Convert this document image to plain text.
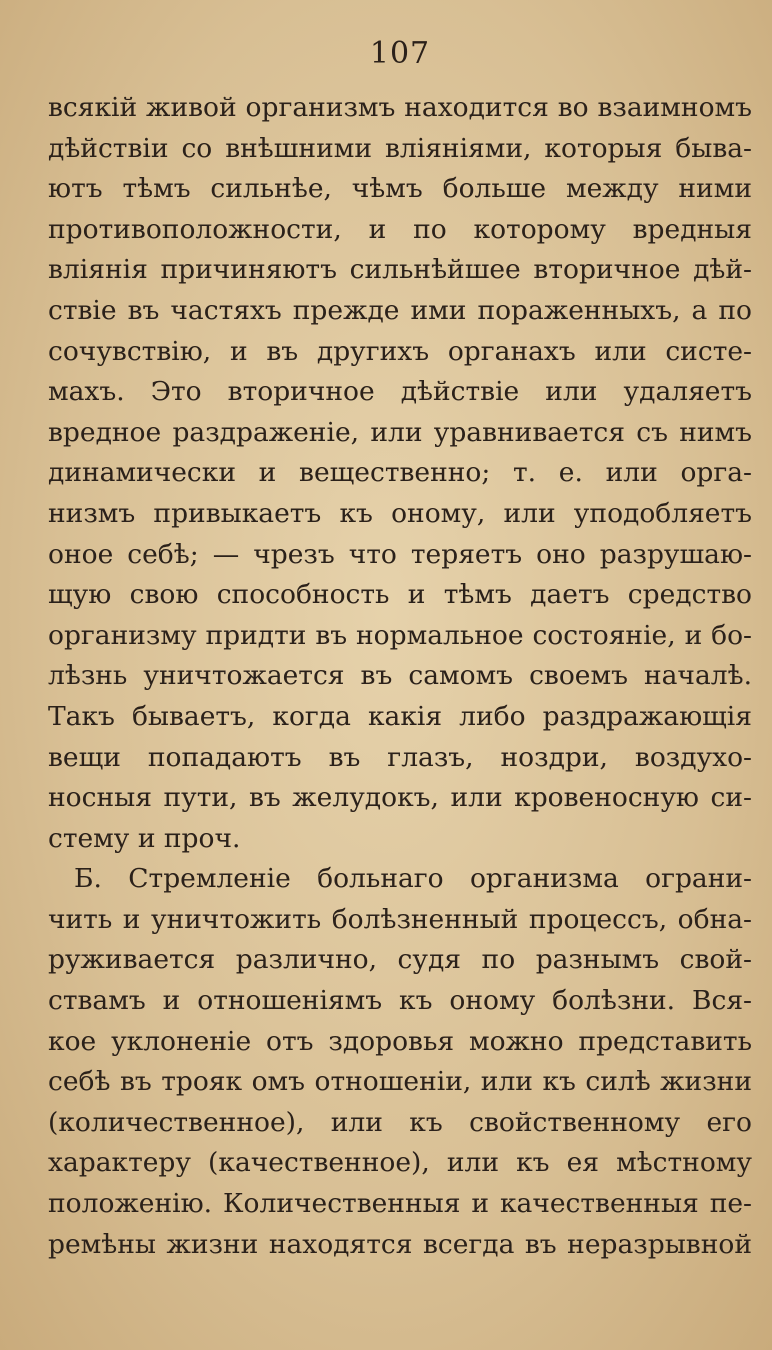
107
всякій живой организмъ находится во взаимномъ
дѣйствіи со внѣшними вліяніями, которыя быва-
ютъ тѣмъ сильнѣе, чѣмъ больше между ними
противоположности, и по которому вредныя
вліянія причиняютъ сильнѣйшее вторичное дѣй-
ствіе въ частяхъ прежде ими пораженныхъ, а по
сочувствію, и въ другихъ органахъ или систе-
махъ. Это вторичное дѣйствіе или удаляетъ
вредное раздраженіе, или уравнивается съ нимъ
динамически и вещественно; т. е. или орга-
низмъ привыкаетъ къ оному, или уподобляетъ
оное себѣ; — чрезъ что теряетъ оно разрушаю-
щую свою способность и тѣмъ даетъ средство
организму придти въ нормальное состояніе, и бо-
лѣзнь уничтожается въ самомъ своемъ началѣ.
Такъ бываетъ, когда какія либо раздражающія
вещи попадаютъ въ глазъ, ноздри, воздухо-
носныя пути, въ желудокъ, или кровеносную си-
стему и проч.
Б. Стремленіе больнаго организма ограни-
чить и уничтожить болѣзненный процессъ, обна-
руживается различно, судя по разнымъ свой-
ствамъ и отношеніямъ къ оному болѣзни. Вся-
кое уклоненіе отъ здоровья можно представить
себѣ въ трояк омъ отношеніи, или къ силѣ жизни
(количественное), или къ свойственному его
характеру (качественное), или къ ея мѣстному
положенію. Количественныя и качественныя пе-
ремѣны жизни находятся всегда въ неразрывной
